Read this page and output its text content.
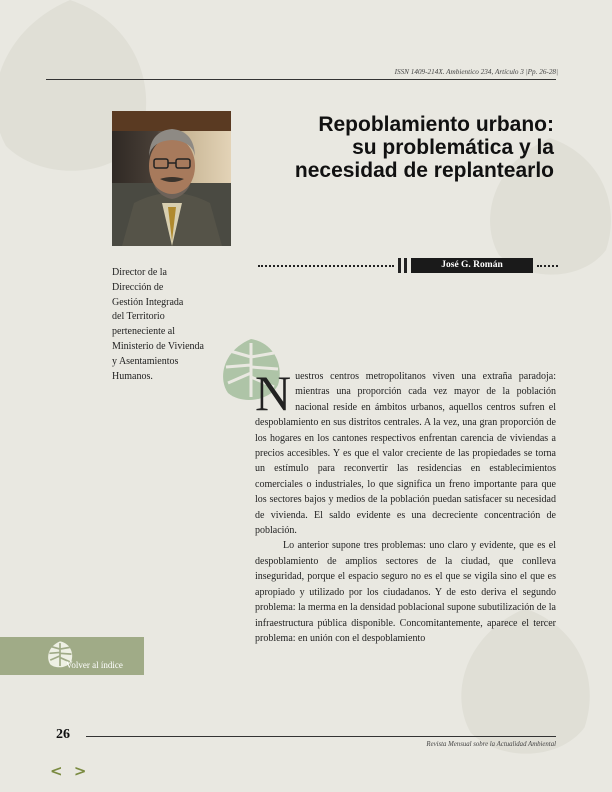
ISSN 1409-214X. Ambientico 234, Artículo 3 |Pp. 26-28|
Repoblamiento urbano:
su problemática y la
necesidad de replantearlo
José G. Román
Director de la
Dirección de
Gestión Integrada
del Territorio
perteneciente al
Ministerio de Vivienda
y Asentamientos
Humanos.	N uestros centros metropolitanos viven una extraña paradoja: mientras una proporción cada vez mayor de la población nacional reside en ámbitos urbanos, aquellos centros sufren el despoblamiento en sus distritos centrales. A la vez, una gran proporción de los hogares en los cantones respectivos enfrentan carencia de viviendas a precios accesibles. Y es que el valor creciente de las propiedades se torna un estímulo para reconvertir las residencias en establecimientos comerciales o industriales, lo que significa un freno importante para que los sectores bajos y medios de la población puedan satisfacer su necesidad de vivienda. El saldo evidente es una decreciente concentración de población.

Lo anterior supone tres problemas: uno claro y evidente, que es el despoblamiento de amplios sectores de la ciudad, que conlleva inseguridad, porque el espacio seguro no es el que se vigila sino el que es apropiado y utilizado por los ciudadanos. Y de esto deriva el segundo problema: la merma en la densidad poblacional supone subutilización de la infraestructura pública disponible. Concomitantemente, aparece el tercer problema: en unión con el despoblamiento

Volver al índice
26
Revista Mensual sobre la Actualidad Ambiental
< >
